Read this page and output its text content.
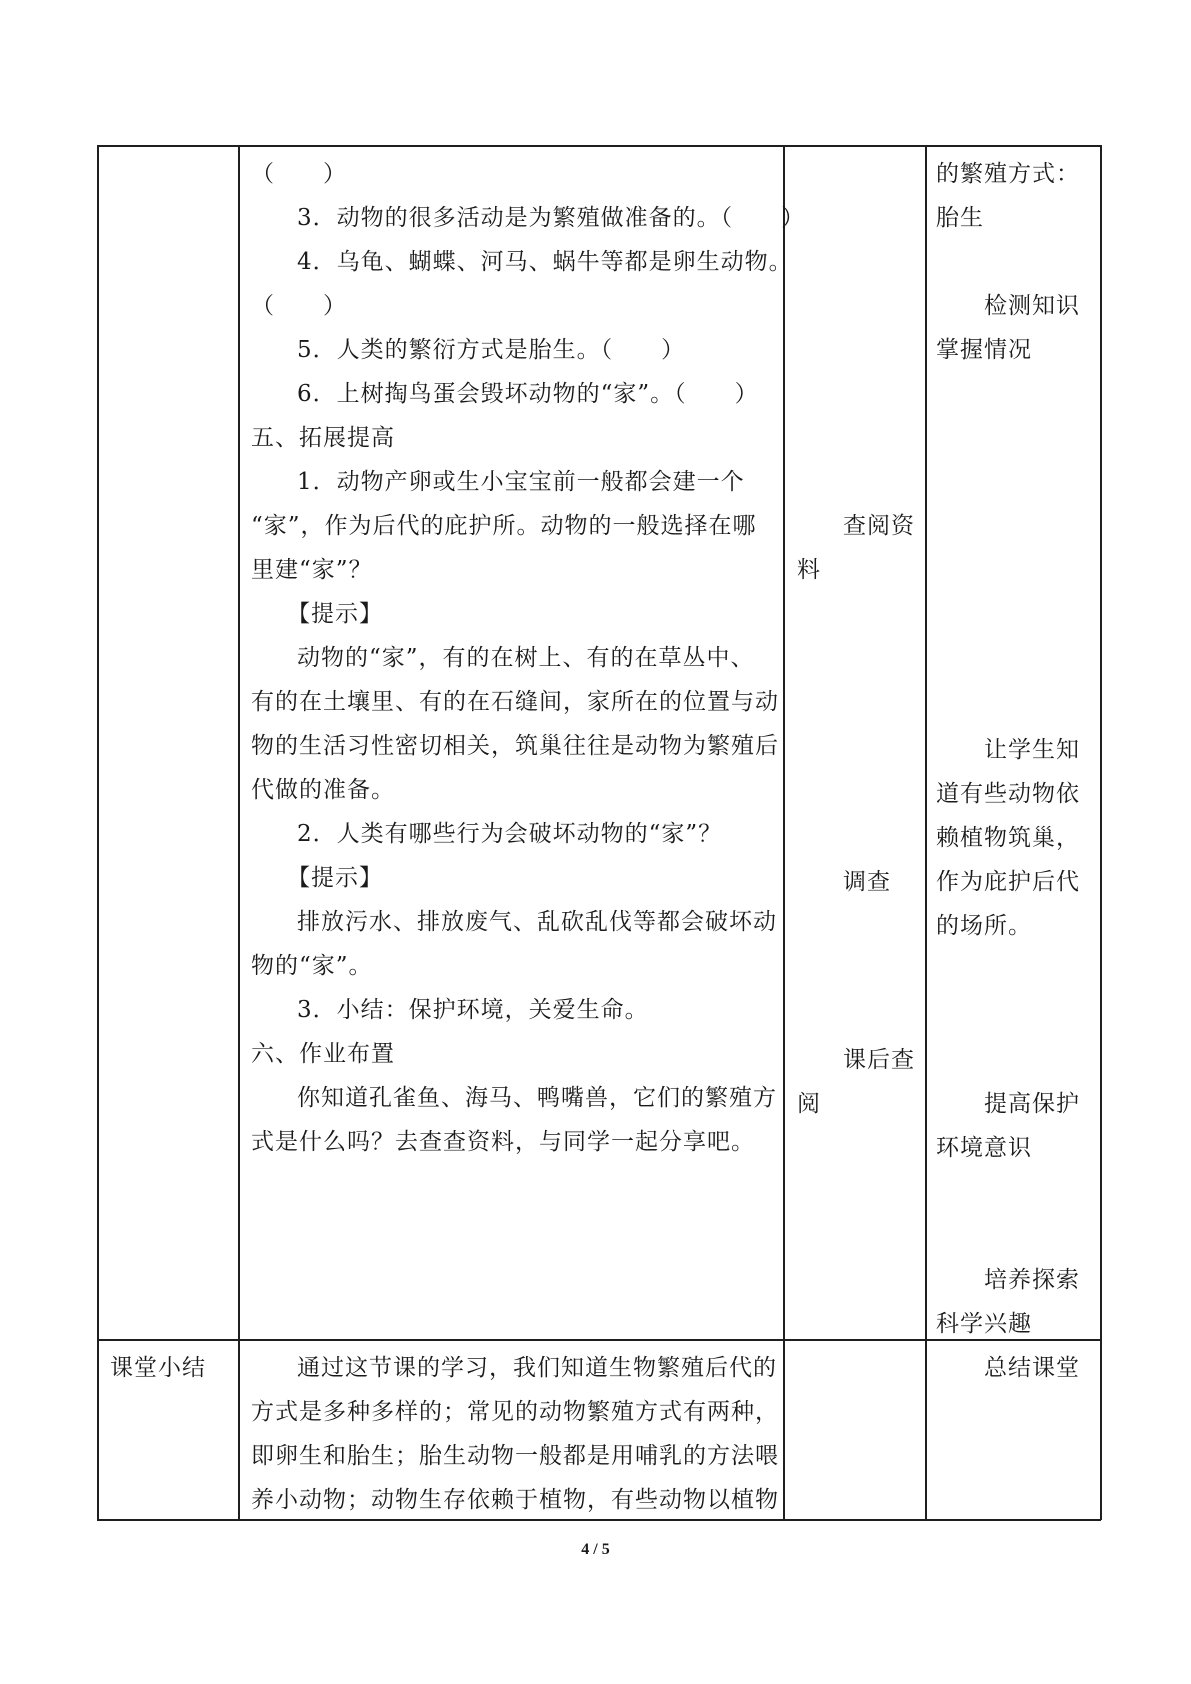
（　　）
3．动物的很多活动是为繁殖做准备的。（　　）
4．乌龟、蝴蝶、河马、蜗牛等都是卵生动物。
（　　）
5．人类的繁衍方式是胎生。（　　）
6．上树掏鸟蛋会毁坏动物的“家”。（　　）
五、拓展提高
1．动物产卵或生小宝宝前一般都会建一个
“家”，作为后代的庇护所。动物的一般选择在哪
里建“家”？
【提示】
动物的“家”，有的在树上、有的在草丛中、
有的在土壤里、有的在石缝间，家所在的位置与动
物的生活习性密切相关，筑巢往往是动物为繁殖后
代做的准备。
2．人类有哪些行为会破坏动物的“家”？
【提示】
排放污水、排放废气、乱砍乱伐等都会破坏动
物的“家”。
3．小结：保护环境，关爱生命。
六、作业布置
你知道孔雀鱼、海马、鸭嘴兽，它们的繁殖方
式是什么吗？去查查资料，与同学一起分享吧。
查阅资
料
调查
课后查
阅
的繁殖方式：
胎生
检测知识
掌握情况
让学生知
道有些动物依
赖植物筑巢，
作为庇护后代
的场所。
提高保护
环境意识
培养探索
科学兴趣
课堂小结	通过这节课的学习，我们知道生物繁殖后代的
方式是多种多样的；常见的动物繁殖方式有两种，
即卵生和胎生；胎生动物一般都是用哺乳的方法喂
养小动物；动物生存依赖于植物，有些动物以植物
总结课堂
4 / 5
